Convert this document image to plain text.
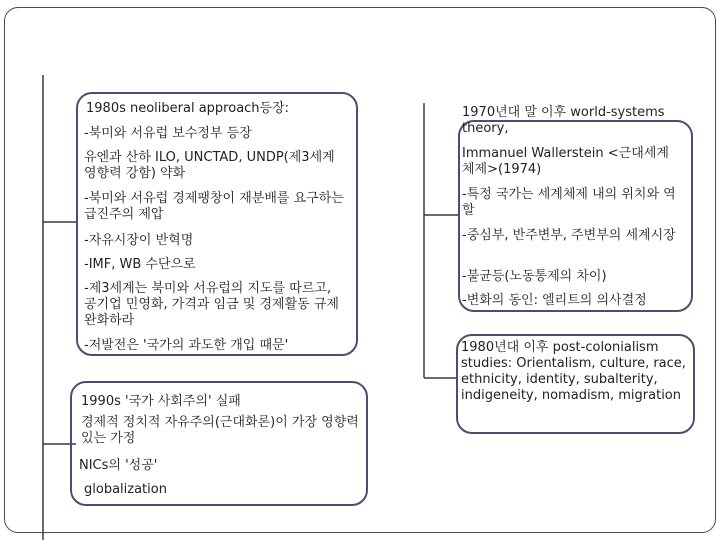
1980s neoliberal approach등장:
-북미와 서유럽 보수정부 등장
유엔과 산하 ILO, UNCTAD, UNDP(제3세계 영향력 강함) 약화
-북미와 서유럽 경제팽창이 재분배를 요구하는 급진주의 제압
-자유시장이 반혁명
-IMF, WB 수단으로
-제3세계는 북미와 서유럽의 지도를 따르고, 공기업 민영화, 가격과 임금 및 경제활동 규제 완화하라
-저발전은 '국가의 과도한 개입 때문'
1990s '국가 사회주의' 실패
경제적 정치적 자유주의(근대화론)이 가장 영향력 있는 가정
NICs의 '성공'
globalization
1970년대 말 이후 world-systems theory,
Immanuel Wallerstein <근대세계체제>(1974)
-특정 국가는 세계체제 내의 위치와 역할
-중심부, 반주변부, 주변부의 세계시장
-불균등(노동통제의 차이)
-변화의 동인: 엘리트의 의사결정
1980년대 이후 post-colonialism studies: Orientalism, culture, race, ethnicity, identity, subalterity, indigeneity, nomadism, migration
